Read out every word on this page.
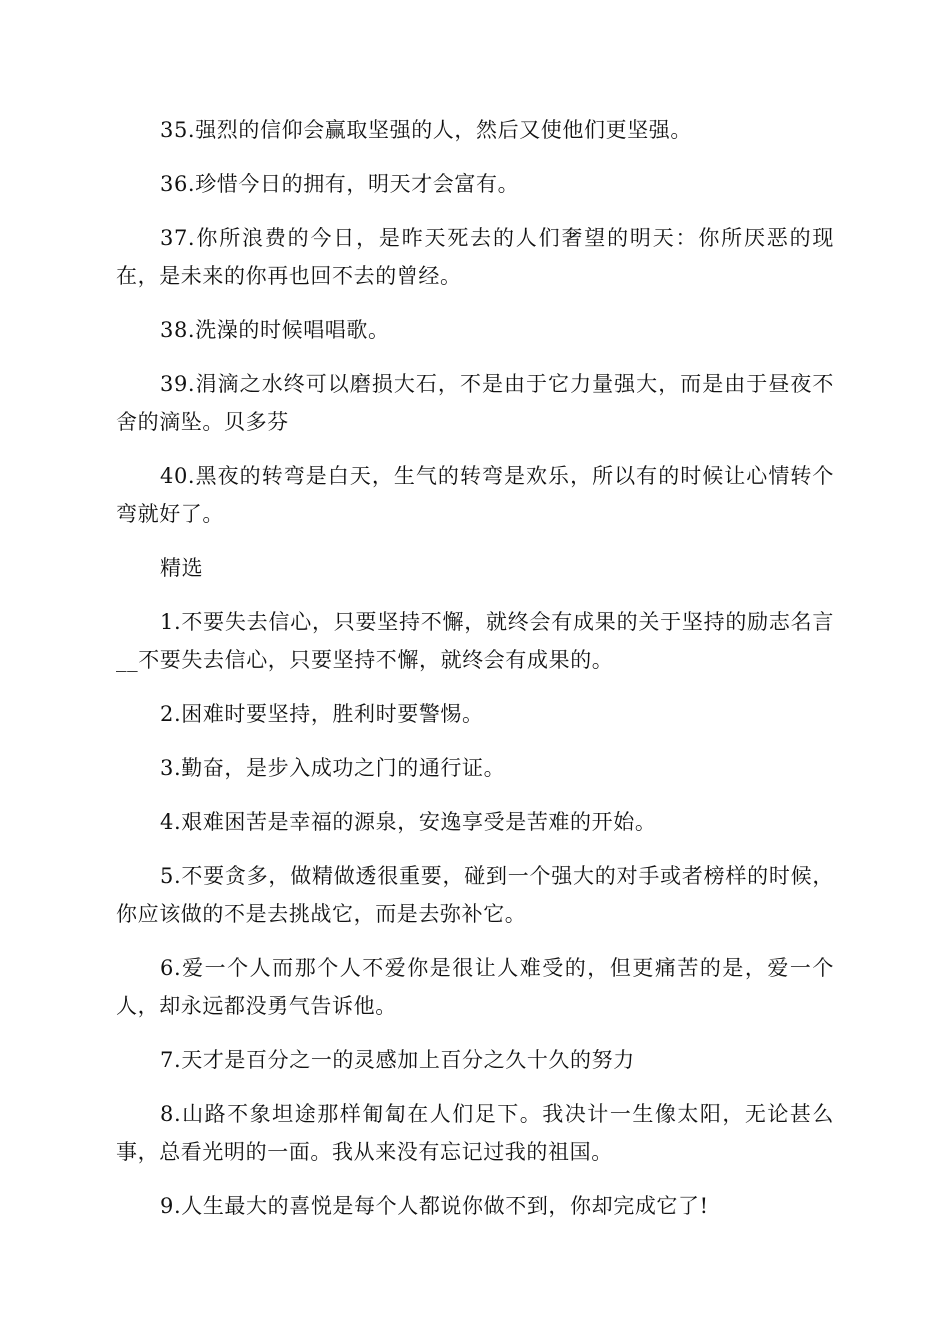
35.强烈的信仰会赢取坚强的人，然后又使他们更坚强。

36.珍惜今日的拥有，明天才会富有。

37.你所浪费的今日，是昨天死去的人们奢望的明天：你所厌恶的现在，是未来的你再也回不去的曾经。

38.洗澡的时候唱唱歌。

39.涓滴之水终可以磨损大石，不是由于它力量强大，而是由于昼夜不舍的滴坠。贝多芬

40.黑夜的转弯是白天，生气的转弯是欢乐，所以有的时候让心情转个弯就好了。

精选

1.不要失去信心，只要坚持不懈，就终会有成果的关于坚持的励志名言__不要失去信心，只要坚持不懈，就终会有成果的。

2.困难时要坚持，胜利时要警惕。

3.勤奋，是步入成功之门的通行证。

4.艰难困苦是幸福的源泉，安逸享受是苦难的开始。

5.不要贪多，做精做透很重要，碰到一个强大的对手或者榜样的时候，你应该做的不是去挑战它，而是去弥补它。

6.爱一个人而那个人不爱你是很让人难受的，但更痛苦的是，爱一个人，却永远都没勇气告诉他。

7.天才是百分之一的灵感加上百分之久十久的努力

8.山路不象坦途那样匍匐在人们足下。我决计一生像太阳，无论甚么事，总看光明的一面。我从来没有忘记过我的祖国。

9.人生最大的喜悦是每个人都说你做不到，你却完成它了!
